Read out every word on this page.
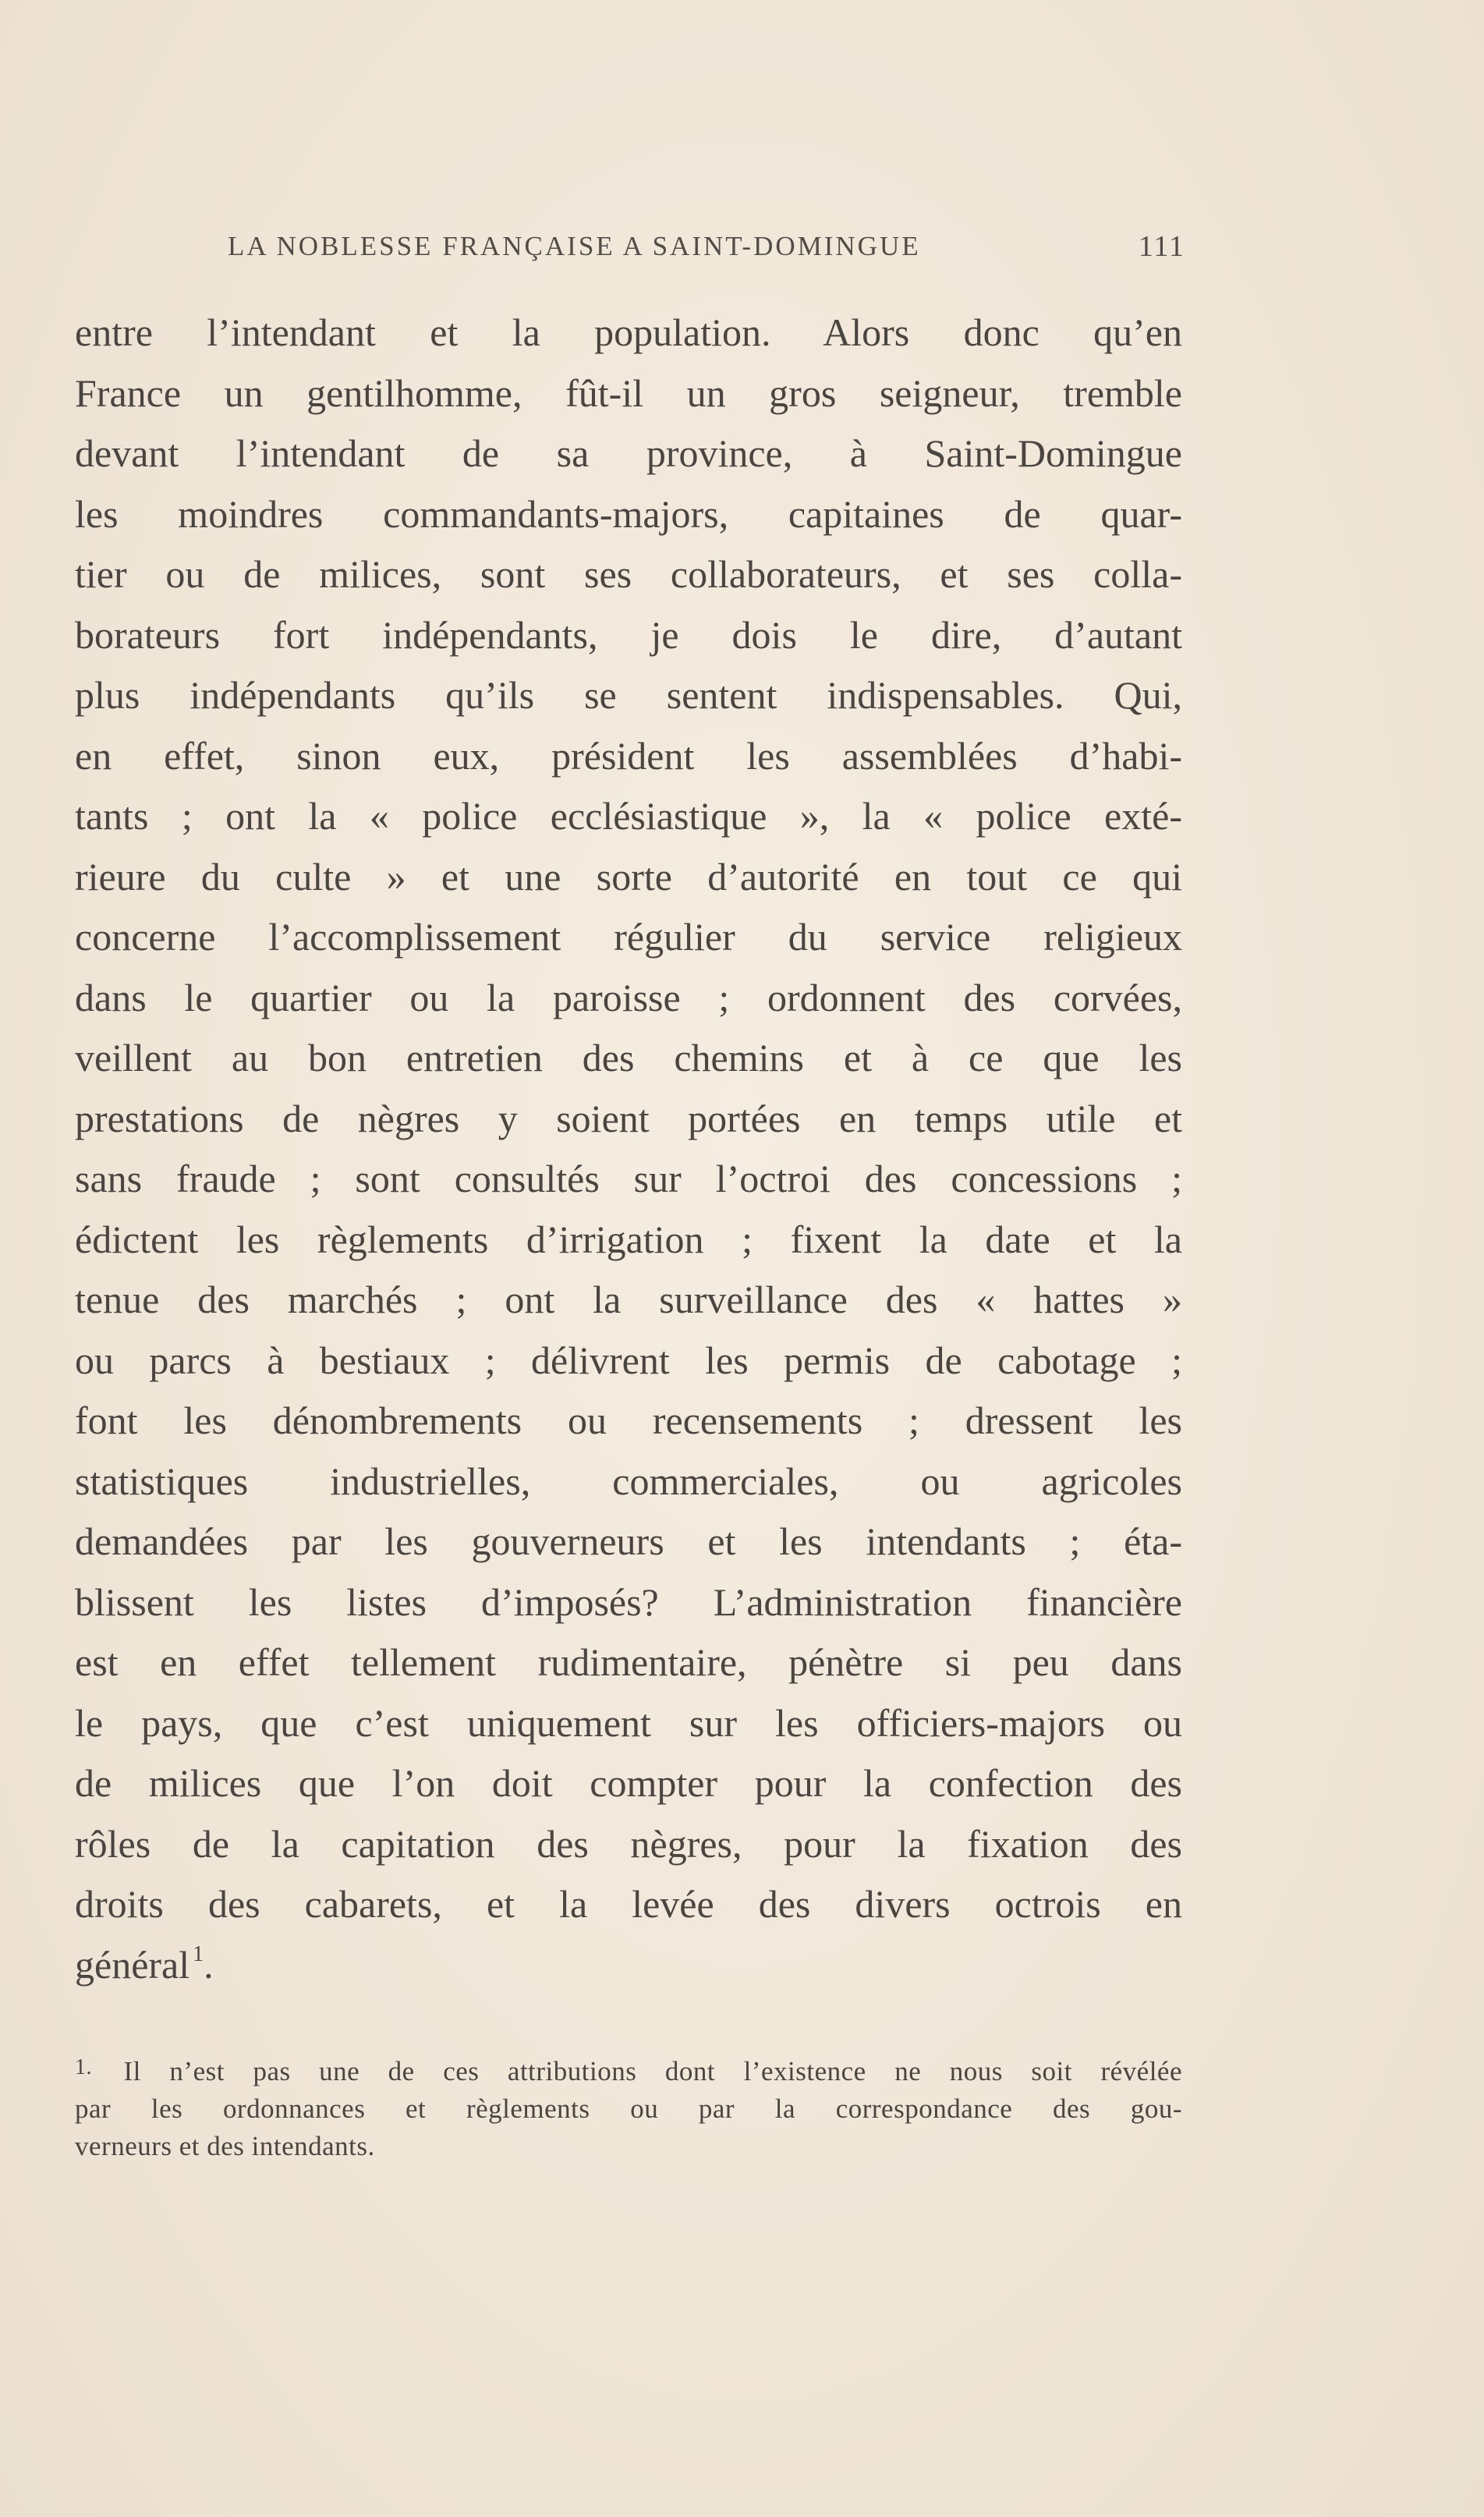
LA NOBLESSE FRANÇAISE A SAINT-DOMINGUE	111
entre l’intendant et la population. Alors donc qu’en
France un gentilhomme, fût-il un gros seigneur, tremble
devant l’intendant de sa province, à Saint-Domingue
les moindres commandants-majors, capitaines de quar-
tier ou de milices, sont ses collaborateurs, et ses colla-
borateurs fort indépendants, je dois le dire, d’autant
plus indépendants qu’ils se sentent indispensables. Qui,
en effet, sinon eux, président les assemblées d’habi-
tants ; ont la « police ecclésiastique », la « police exté-
rieure du culte » et une sorte d’autorité en tout ce qui
concerne l’accomplissement régulier du service religieux
dans le quartier ou la paroisse ; ordonnent des corvées,
veillent au bon entretien des chemins et à ce que les
prestations de nègres y soient portées en temps utile et
sans fraude ; sont consultés sur l’octroi des concessions ;
édictent les règlements d’irrigation ; fixent la date et la
tenue des marchés ; ont la surveillance des « hattes »
ou parcs à bestiaux ; délivrent les permis de cabotage ;
font les dénombrements ou recensements ; dressent les
statistiques industrielles, commerciales, ou agricoles
demandées par les gouverneurs et les intendants ; éta-
blissent les listes d’imposés? L’administration financière
est en effet tellement rudimentaire, pénètre si peu dans
le pays, que c’est uniquement sur les officiers-majors ou
de milices que l’on doit compter pour la confection des
rôles de la capitation des nègres, pour la fixation des
droits des cabarets, et la levée des divers octrois en
général $^1$.
1. Il n’est pas une de ces attributions dont l’existence ne nous soit révélée
par les ordonnances et règlements ou par la correspondance des gou-
verneurs et des intendants.
